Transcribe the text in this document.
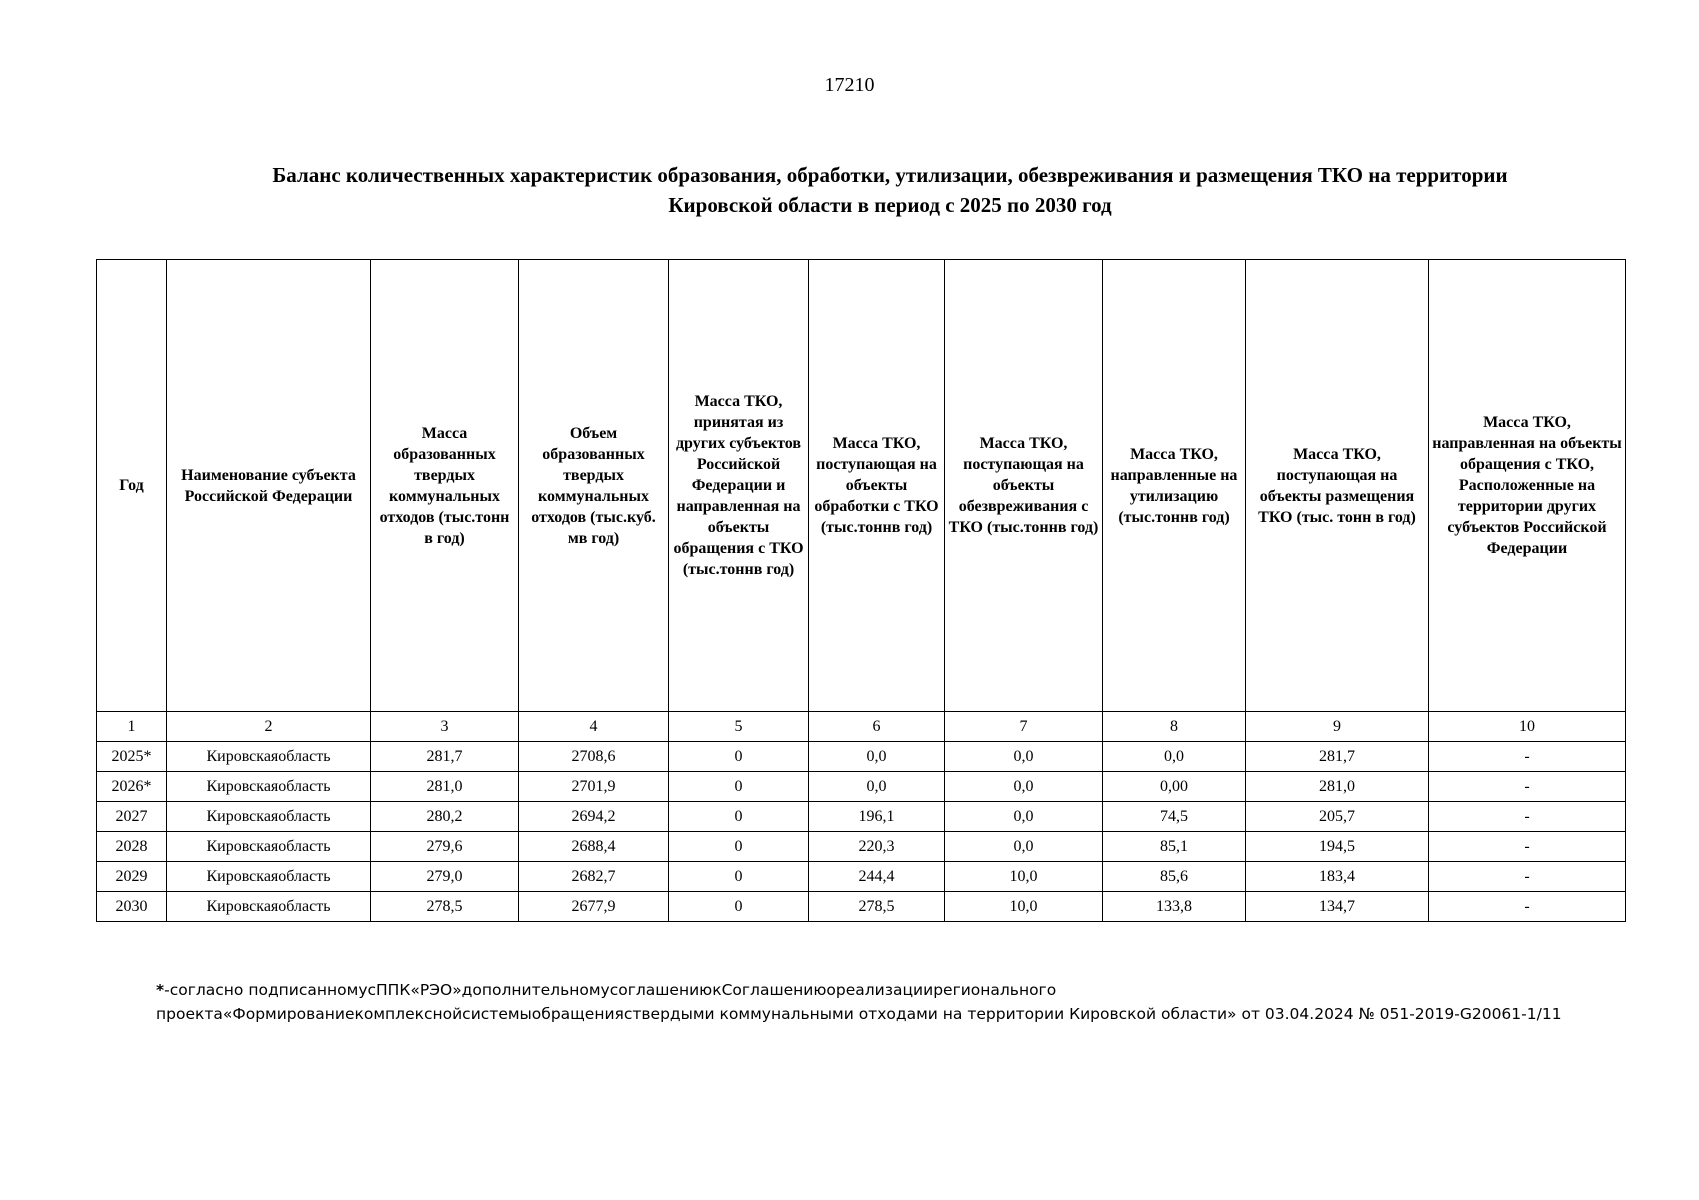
17210
Баланс количественных характеристик образования, обработки, утилизации, обезвреживания и размещения ТКО на территории
Кировской области в период с 2025 по 2030 год
Год	Наименование субъекта Российской Федерации	Масса образованных твердых коммунальных отходов (тыс.тонн в год)	Объем образованных твердых коммунальных отходов (тыс.куб. мв год)	Масса ТКО, принятая из других субъектов Российской Федерации и направленная на объекты обращения с ТКО (тыс.тоннв год)	Масса ТКО, поступающая на объекты обработки с ТКО (тыс.тоннв год)	Масса ТКО, поступающая на объекты обезвреживания с ТКО (тыс.тоннв год)	Масса ТКО, направленные на утилизацию (тыс.тоннв год)	Масса ТКО, поступающая на объекты размещения ТКО (тыс. тонн в год)	Масса ТКО, направленная на объекты обращения с ТКО, Расположенные на территории других субъектов Российской Федерации
1	2	3	4	5	6	7	8	9	10
2025*	Кировскаяобласть	281,7	2708,6	0	0,0	0,0	0,0	281,7	-
2026*	Кировскаяобласть	281,0	2701,9	0	0,0	0,0	0,00	281,0	-
2027	Кировскаяобласть	280,2	2694,2	0	196,1	0,0	74,5	205,7	-
2028	Кировскаяобласть	279,6	2688,4	0	220,3	0,0	85,1	194,5	-
2029	Кировскаяобласть	279,0	2682,7	0	244,4	10,0	85,6	183,4	-
2030	Кировскаяобласть	278,5	2677,9	0	278,5	10,0	133,8	134,7	-
*-согласно подписанномусППК«РЭО»дополнительномусоглашениюкСоглашениюореализациирегионального проекта«Формированиекомплекснойсистемыобращенияствердыми коммунальными отходами на территории Кировской области» от 03.04.2024 № 051-2019-G20061-1/11
